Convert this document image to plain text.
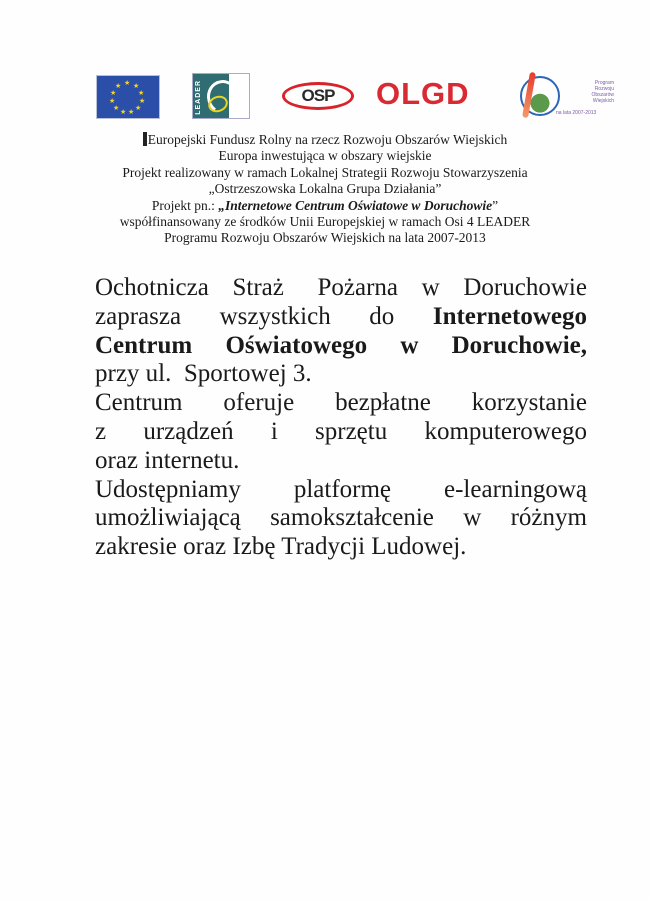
★ ★
★
★
★
★
★
★
★
★
★	LEADER	OSP	OLGD	Program
Rozwoju
Obszarów
Wiejskich
na lata 2007-2013
Europejski Fundusz Rolny na rzecz Rozwoju Obszarów Wiejskich
Europa inwestująca w obszary wiejskie
Projekt realizowany w ramach Lokalnej Strategii Rozwoju Stowarzyszenia
„Ostrzeszowska Lokalna Grupa Działania”
Projekt pn.: „Internetowe Centrum Oświatowe w Doruchowie”
współfinansowany ze środków Unii Europejskiej w ramach Osi 4 LEADER
Programu Rozwoju Obszarów Wiejskich na lata 2007-2013
Ochotnicza Straż Pożarna w Doruchowie
zaprasza wszystkich do Internetowego
Centrum Oświatowego w Doruchowie,
przy ul.  Sportowej 3.
Centrum oferuje bezpłatne korzystanie
z urządzeń i sprzętu komputerowego
oraz internetu.
Udostępniamy platformę e-learningową
umożliwiającą samokształcenie w różnym
zakresie oraz Izbę Tradycji Ludowej.
